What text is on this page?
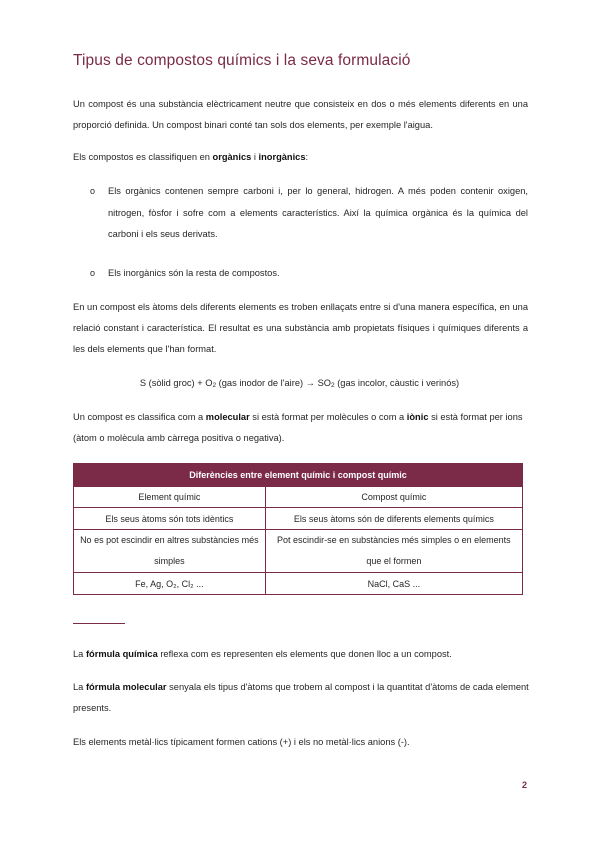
Tipus de compostos químics i la seva formulació

Un compost és una substància elèctricament neutre que consisteix en dos o més elements diferents en una proporció definida. Un compost binari conté tan sols dos elements, per exemple l'aigua.

Els compostos es classifiquen en orgànics i inorgànics:

o Els orgànics contenen sempre carboni i, per lo general, hidrogen. A més poden contenir oxigen, nitrogen, fòsfor i sofre com a elements característics. Així la química orgànica és la química del carboni i els seus derivats.

o Els inorgànics són la resta de compostos.

En un compost els àtoms dels diferents elements es troben enllaçats entre si d'una manera específica, en una relació constant i característica. El resultat es una substància amb propietats físiques i químiques diferents a les dels elements que l'han format.

S (sòlid groc) + $O_2$ (gas inodor de l'aire) → $SO_2$ (gas incolor, càustic i verinós)

Un compost es classifica com a molecular si està format per molècules o com a iònic si està format per ions (àtom o molècula amb càrrega positiva o negativa).

Diferències entre element químic i compost químic	
Element químic	Compost químic
Els seus àtoms són tots idèntics	Els seus àtoms són de diferents elements químics
No es pot escindir en altres substàncies més simples	Pot escindir-se en substàncies més simples o en elements que el formen
Fe, Ag, O₂, Cl₂ ...	NaCl, CaS ...

La fórmula química reflexa com es representen els elements que donen lloc a un compost.

La fórmula molecular senyala els tipus d'àtoms que trobem al compost i la quantitat d'àtoms de cada element presents.

Els elements metàl·lics típicament formen cations (+) i els no metàl·lics anions (-).

2
